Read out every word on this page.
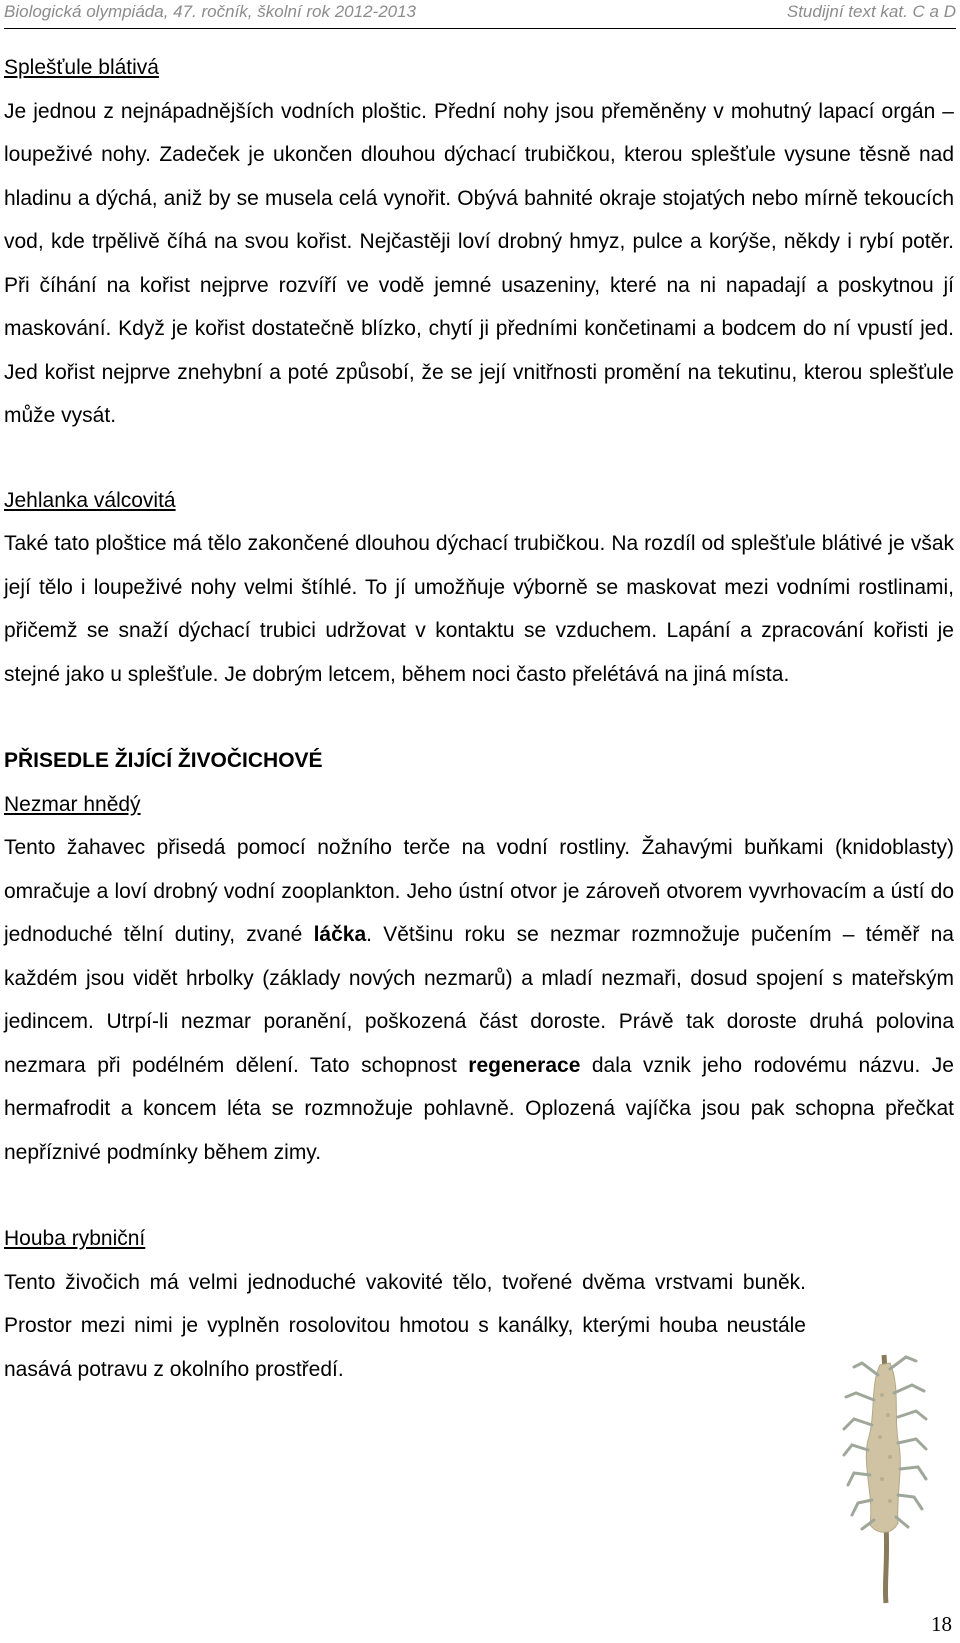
Biologická olympiáda, 47. ročník, školní rok 2012-2013	Studijní text kat. C a D

Splešťule blátivá

Je jednou z nejnápadnějších vodních ploštic. Přední nohy jsou přeměněny v mohutný lapací orgán – loupeživé nohy. Zadeček je ukončen dlouhou dýchací trubičkou, kterou splešťule vysune těsně nad hladinu a dýchá, aniž by se musela celá vynořit. Obývá bahnité okraje stojatých nebo mírně tekoucích vod, kde trpělivě číhá na svou kořist. Nejčastěji loví drobný hmyz, pulce a korýše, někdy i rybí potěr. Při číhání na kořist nejprve rozvíří ve vodě jemné usazeniny, které na ni napadají a poskytnou jí maskování. Když je kořist dostatečně blízko, chytí ji předními končetinami a bodcem do ní vpustí jed. Jed kořist nejprve znehybní a poté způsobí, že se její vnitřnosti promění na tekutinu, kterou splešťule může vysát.

Jehlanka válcovitá

Také tato ploštice má tělo zakončené dlouhou dýchací trubičkou. Na rozdíl od splešťule blátivé je však její tělo i loupeživé nohy velmi štíhlé. To jí umožňuje výborně se maskovat mezi vodními rostlinami, přičemž se snaží dýchací trubici udržovat v kontaktu se vzduchem. Lapání a zpracování kořisti je stejné jako u splešťule. Je dobrým letcem, během noci často přelétává na jiná místa.

PŘISEDLE ŽIJÍCÍ ŽIVOČICHOVÉ

Nezmar hnědý

Tento žahavec přisedá pomocí nožního terče na vodní rostliny. Žahavými buňkami (knidoblasty) omračuje a loví drobný vodní zooplankton. Jeho ústní otvor je zároveň otvorem vyvrhovacím a ústí do jednoduché tělní dutiny, zvané láčka. Většinu roku se nezmar rozmnožuje pučením – téměř na každém jsou vidět hrbolky (základy nových nezmarů) a mladí nezmaři, dosud spojení s mateřským jedincem. Utrpí-li nezmar poranění, poškozená část doroste. Právě tak doroste druhá polovina nezmara při podélném dělení. Tato schopnost regenerace dala vznik jeho rodovému názvu. Je hermafrodit a koncem léta se rozmnožuje pohlavně. Oplozená vajíčka jsou pak schopna přečkat nepříznivé podmínky během zimy.

Houba rybniční

Tento živočich má velmi jednoduché vakovité tělo, tvořené dvěma vrstvami buněk. Prostor mezi nimi je vyplněn rosolovitou hmotou s kanálky, kterými houba neustále nasává potravu z okolního prostředí.

18
